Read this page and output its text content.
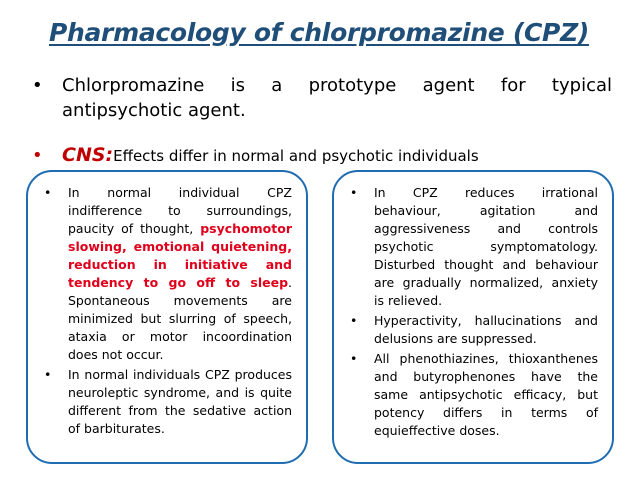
Pharmacology of chlorpromazine (CPZ)
• Chlorpromazine is a prototype agent for typical antipsychotic agent.
• CNS:Effects differ in normal and psychotic individuals
• In normal individual CPZ indifference to surroundings, paucity of thought, psychomotor slowing, emotional quietening, reduction in initiative and tendency to go off to sleep. Spontaneous movements are minimized but slurring of speech, ataxia or motor incoordination does not occur.
• In normal individuals CPZ produces neuroleptic syndrome, and is quite different from the sedative action of barbiturates.
• In CPZ reduces irrational behaviour, agitation and aggressiveness and controls psychotic symptomatology. Disturbed thought and behaviour are gradually normalized, anxiety is relieved.
• Hyperactivity, hallucinations and delusions are suppressed.
• All phenothiazines, thioxanthenes and butyrophenones have the same antipsychotic efficacy, but potency differs in terms of equieffective doses.
